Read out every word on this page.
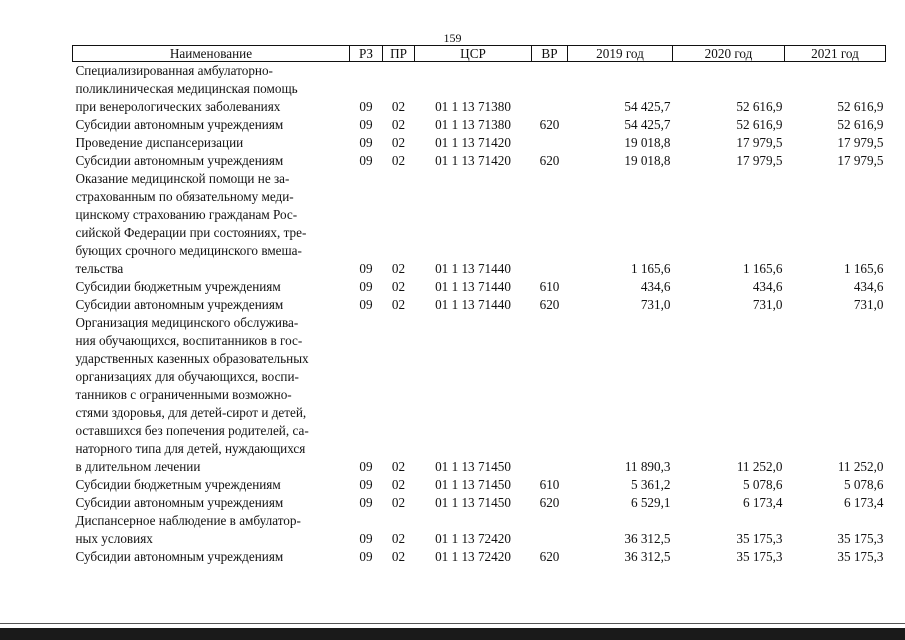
159
Наименование	РЗ	ПР	ЦСР	ВР	2019 год	2020 год	2021 год
Специализированная амбулаторно-							
поликлиническая медицинская помощь							
при венерологических заболеваниях	09	02	01 1 13 71380		54 425,7	52 616,9	52 616,9
Субсидии автономным учреждениям	09	02	01 1 13 71380	620	54 425,7	52 616,9	52 616,9
Проведение диспансеризации	09	02	01 1 13 71420		19 018,8	17 979,5	17 979,5
Субсидии автономным учреждениям	09	02	01 1 13 71420	620	19 018,8	17 979,5	17 979,5
Оказание медицинской помощи не за-							
страхованным по обязательному меди-							
цинскому страхованию гражданам Рос-							
сийской Федерации при состояниях, тре-							
бующих срочного медицинского вмеша-							
тельства	09	02	01 1 13 71440		1 165,6	1 165,6	1 165,6
Субсидии бюджетным учреждениям	09	02	01 1 13 71440	610	434,6	434,6	434,6
Субсидии автономным учреждениям	09	02	01 1 13 71440	620	731,0	731,0	731,0
Организация медицинского обслужива-							
ния обучающихся, воспитанников в гос-							
ударственных казенных образовательных							
организациях для обучающихся, воспи-							
танников с ограниченными возможно-							
стями здоровья, для детей-сирот и детей,							
оставшихся без попечения родителей, са-							
наторного типа для детей, нуждающихся							
в длительном лечении	09	02	01 1 13 71450		11 890,3	11 252,0	11 252,0
Субсидии бюджетным учреждениям	09	02	01 1 13 71450	610	5 361,2	5 078,6	5 078,6
Субсидии автономным учреждениям	09	02	01 1 13 71450	620	6 529,1	6 173,4	6 173,4
Диспансерное наблюдение в амбулатор-							
ных условиях	09	02	01 1 13 72420		36 312,5	35 175,3	35 175,3
Субсидии автономным учреждениям	09	02	01 1 13 72420	620	36 312,5	35 175,3	35 175,3
